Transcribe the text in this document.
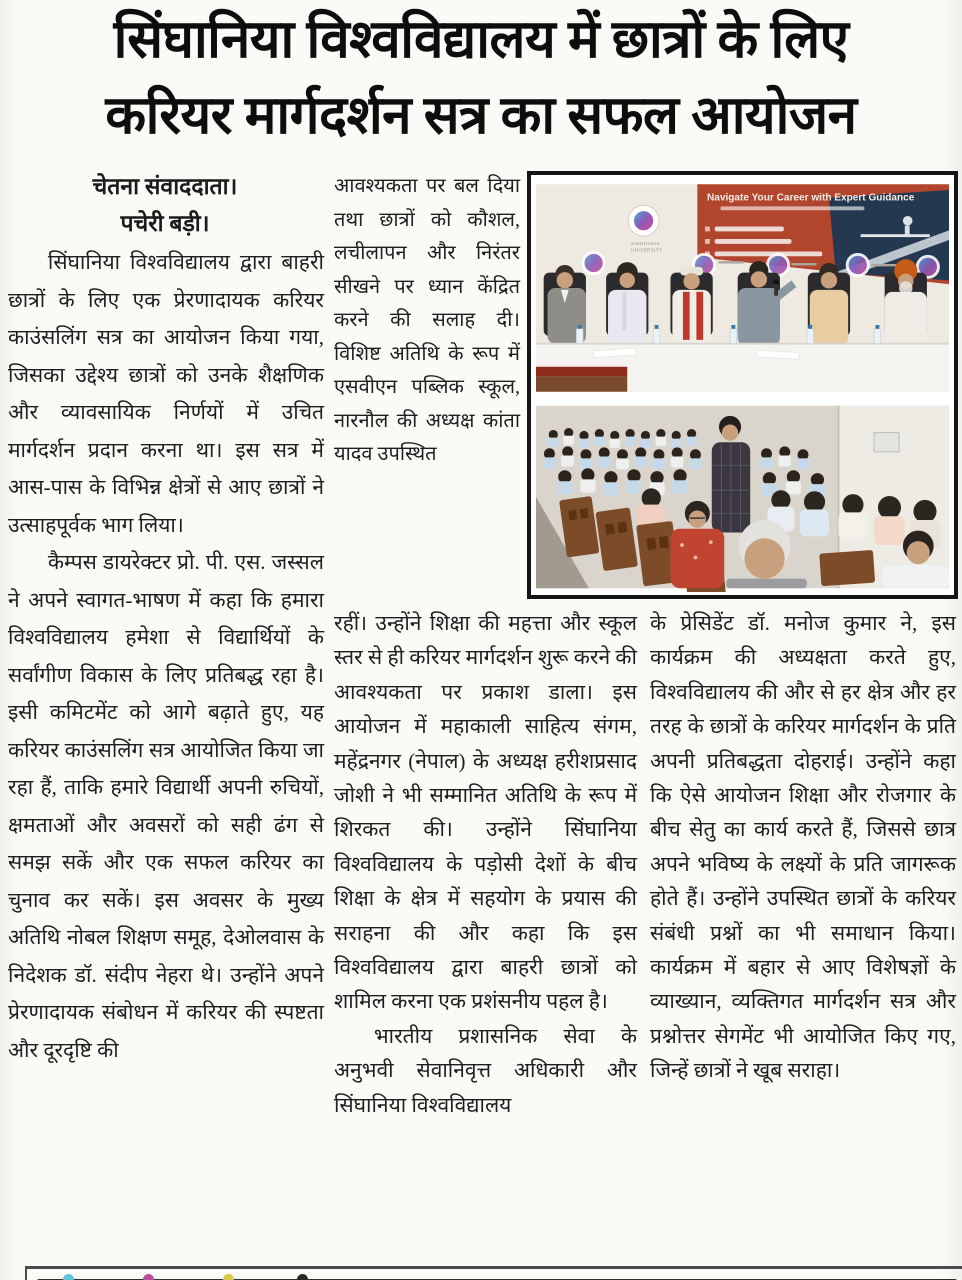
सिंघानिया विश्वविद्यालय में छात्रों के लिए
करियर मार्गदर्शन सत्र का सफल आयोजन
चेतना संवाददाता।
पचेरी बड़ी।

सिंघानिया विश्वविद्यालय द्वारा बाहरी छात्रों के लिए एक प्रेरणादायक करियर काउंसलिंग सत्र का आयोजन किया गया, जिसका उद्देश्य छात्रों को उनके शैक्षणिक और व्यावसायिक निर्णयों में उचित मार्गदर्शन प्रदान करना था। इस सत्र में आस-पास के विभिन्न क्षेत्रों से आए छात्रों ने उत्साहपूर्वक भाग लिया।

कैम्पस डायरेक्टर प्रो. पी. एस. जस्सल ने अपने स्वागत-भाषण में कहा कि हमारा विश्वविद्यालय हमेशा से विद्यार्थियों के सर्वांगीण विकास के लिए प्रतिबद्ध रहा है। इसी कमिटमेंट को आगे बढ़ाते हुए, यह करियर काउंसलिंग सत्र आयोजित किया जा रहा हैं, ताकि हमारे विद्यार्थी अपनी रुचियों, क्षमताओं और अवसरों को सही ढंग से समझ सकें और एक सफल करियर का चुनाव कर सकें। इस अवसर के मुख्य अतिथि नोबल शिक्षण समूह, देओलवास के निदेशक डॉ. संदीप नेहरा थे। उन्होंने अपने प्रेरणादायक संबोधन में करियर की स्पष्टता और दूरदृष्टि की

आवश्यकता पर बल दिया तथा छात्रों को कौशल, लचीलापन और निरंतर सीखने पर ध्यान केंद्रित करने की सलाह दी। विशिष्ट अतिथि के रूप में एसवीएन पब्लिक स्कूल, नारनौल की अध्यक्ष कांता यादव उपस्थित

रहीं। उन्होंने शिक्षा की महत्ता और स्कूल स्तर से ही करियर मार्गदर्शन शुरू करने की आवश्यकता पर प्रकाश डाला। इस आयोजन में महाकाली साहित्य संगम, महेंद्रनगर (नेपाल) के अध्यक्ष हरीशप्रसाद जोशी ने भी सम्मानित अतिथि के रूप में शिरकत की। उन्होंने सिंघानिया विश्वविद्यालय के पड़ोसी देशों के बीच शिक्षा के क्षेत्र में सहयोग के प्रयास की सराहना की और कहा कि इस विश्वविद्यालय द्वारा बाहरी छात्रों को शामिल करना एक प्रशंसनीय पहल है।

भारतीय प्रशासनिक सेवा के अनुभवी सेवानिवृत्त अधिकारी और सिंघानिया विश्वविद्यालय

के प्रेसिडेंट डॉ. मनोज कुमार ने, इस कार्यक्रम की अध्यक्षता करते हुए, विश्वविद्यालय की और से हर क्षेत्र और हर तरह के छात्रों के करियर मार्गदर्शन के प्रति अपनी प्रतिबद्धता दोहराई। उन्होंने कहा कि ऐसे आयोजन शिक्षा और रोजगार के बीच सेतु का कार्य करते हैं, जिससे छात्र अपने भविष्य के लक्ष्यों के प्रति जागरूक होते हैं। उन्होंने उपस्थित छात्रों के करियर संबंधी प्रश्नों का भी समाधान किया। कार्यक्रम में बहार से आए विशेषज्ञों के व्याख्यान, व्यक्तिगत मार्गदर्शन सत्र और प्रश्नोत्तर सेगमेंट भी आयोजित किए गए, जिन्हें छात्रों ने खूब सराहा।

Navigate Your Career with Expert Guidance
SINGHANIA
UNIVERSITY
